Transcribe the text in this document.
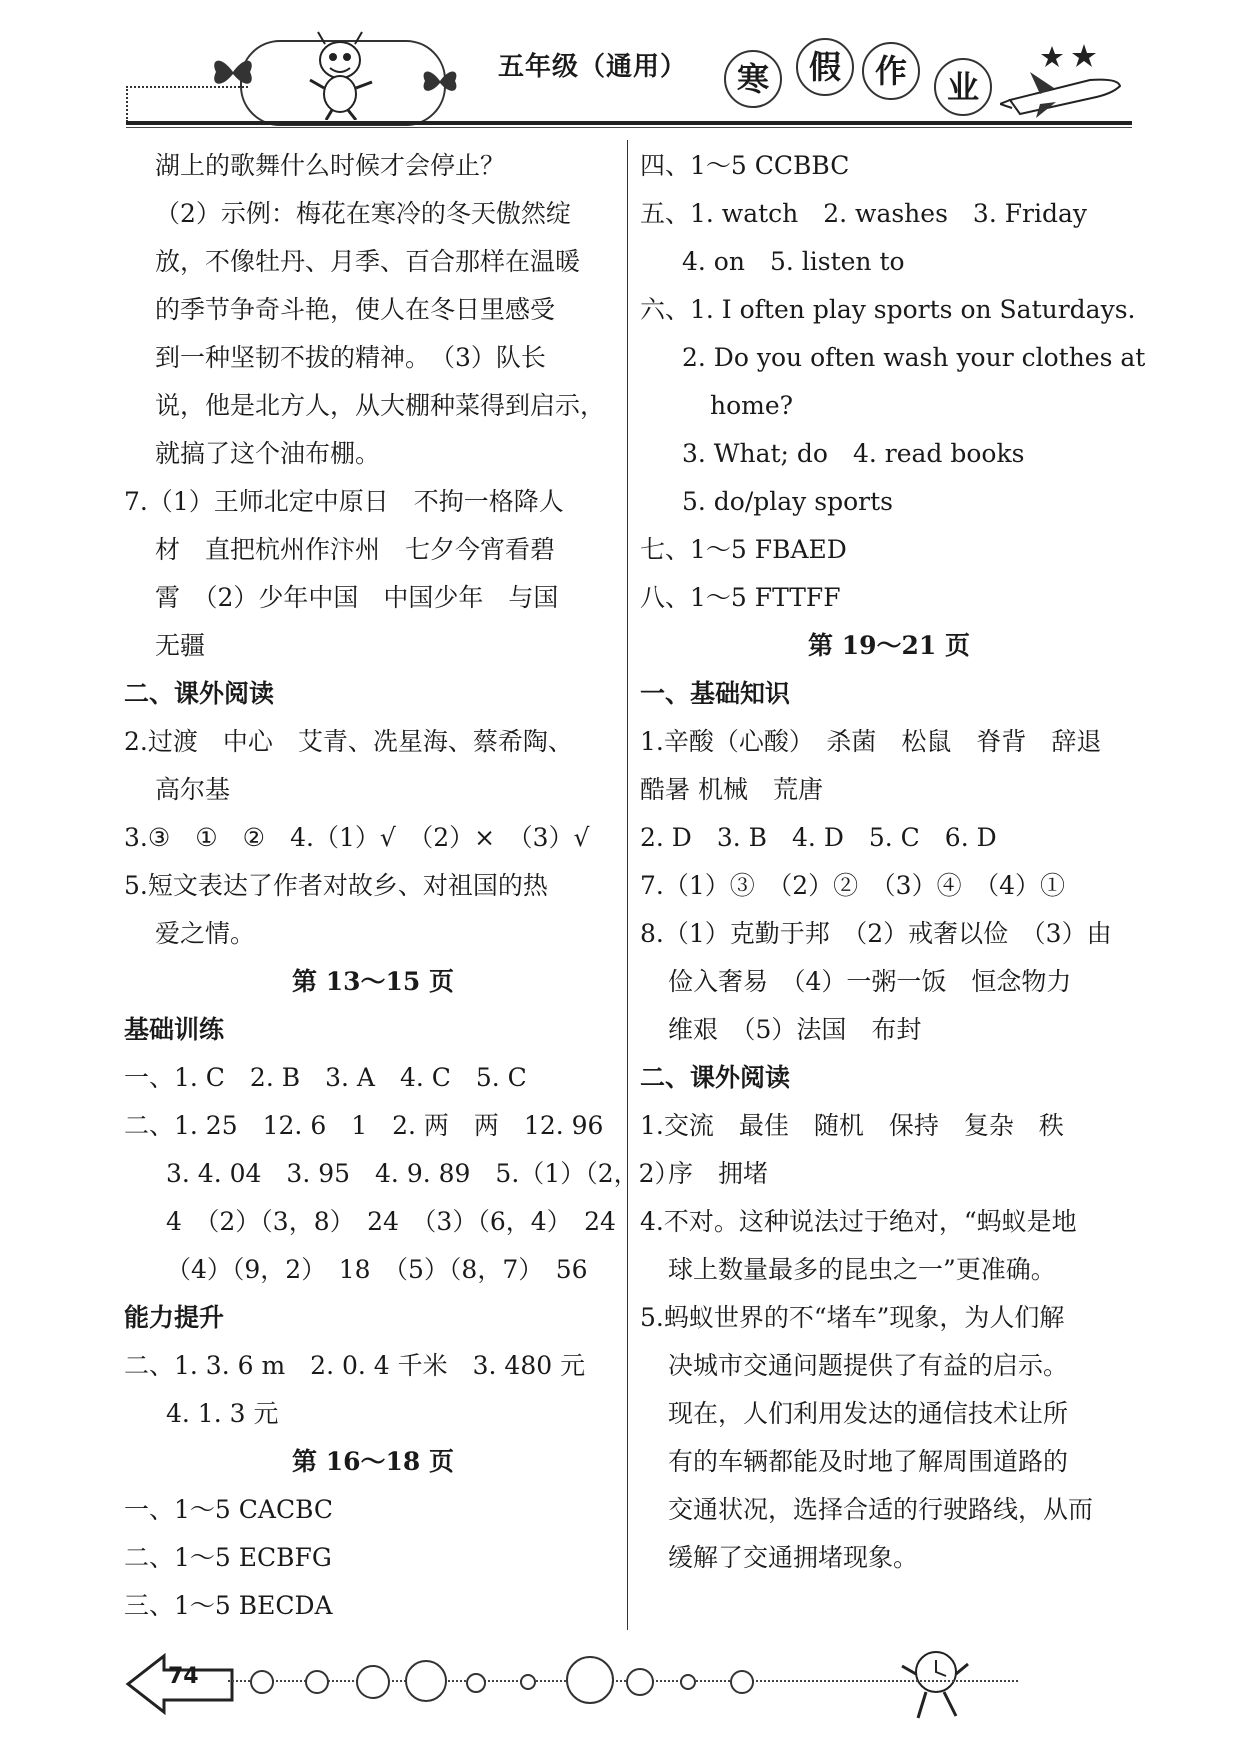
五年级（通用）	寒	假	作	业
湖上的歌舞什么时候才会停止？
（2）示例：梅花在寒冷的冬天傲然绽
放，不像牡丹、月季、百合那样在温暖
的季节争奇斗艳，使人在冬日里感受
到一种坚韧不拔的精神。　（3）队长
说，他是北方人，从大棚种菜得到启示，
就搞了这个油布棚。
7.（1）王师北定中原日　不拘一格降人
材　直把杭州作汴州　七夕今宵看碧
霄　（2）少年中国　中国少年　与国
无疆
二、课外阅读
2.过渡　中心　艾青、冼星海、蔡希陶、
高尔基
3.③　①　②　4.（1）√　（2）×　（3）√
5.短文表达了作者对故乡、对祖国的热
爱之情。
第 13～15 页
基础训练
一、1. C　2. B　3. A　4. C　5. C
二、1. 25　12. 6　1　2. 两　两　12. 96
3. 4. 04　3. 95　4. 9. 89　5.（1）（2，2）
4　（2）（3，8）　24　（3）（6，4）　24
（4）（9，2）　18　（5）（8，7）　56
能力提升
二、1. 3. 6 m　2. 0. 4 千米　3. 480 元
4. 1. 3 元
第 16～18 页
一、1～5 CACBC
二、1～5 ECBFG
三、1～5 BECDA
四、1～5 CCBBC
五、1. watch　2. washes　3. Friday
4. on　5. listen to
六、1. I often play sports on Saturdays.
2. Do you often wash your clothes at
home?
3. What; do　4. read books
5. do/play sports
七、1～5 FBAED
八、1～5 FTTFF
第 19～21 页
一、基础知识
1.辛酸（心酸）　杀菌　松鼠　脊背　辞退
酷暑 机械　荒唐
2. D　3. B　4. D　5. C　6. D
7.（1）③　（2）②　（3）④　（4）①
8.（1）克勤于邦　（2）戒奢以俭　（3）由
俭入奢易　（4）一粥一饭　恒念物力
维艰　（5）法国　布封
二、课外阅读
1.交流　最佳　随机　保持　复杂　秩
序　拥堵
4.不对。这种说法过于绝对，“蚂蚁是地
球上数量最多的昆虫之一”更准确。
5.蚂蚁世界的不“堵车”现象，为人们解
决城市交通问题提供了有益的启示。
现在，人们利用发达的通信技术让所
有的车辆都能及时地了解周围道路的
交通状况，选择合适的行驶路线，从而
缓解了交通拥堵现象。
74
